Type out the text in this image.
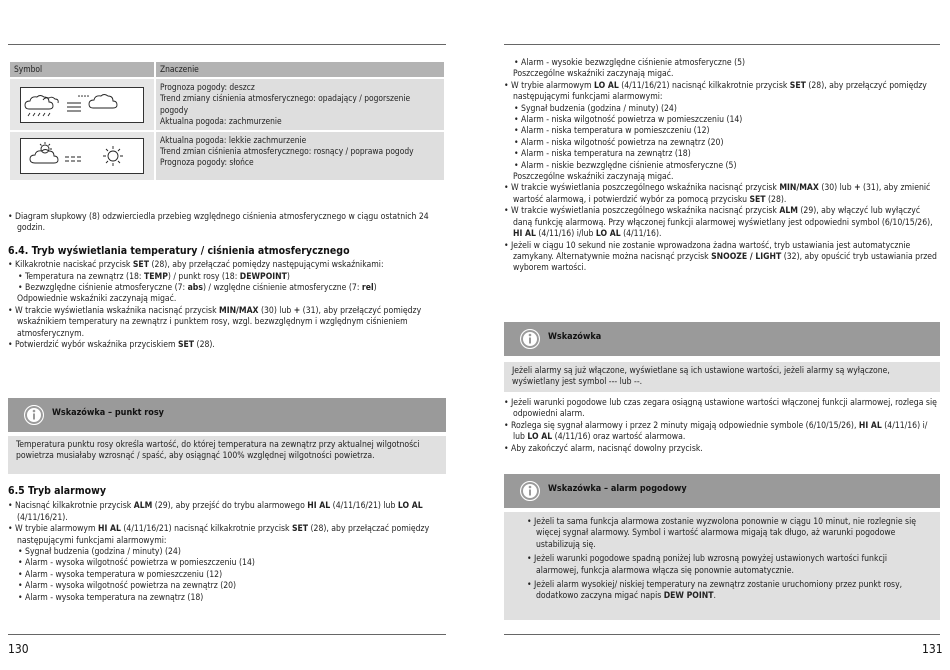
Symbol	Znaczenie

Prognoza pogody: deszcz
Trend zmiany ciśnienia atmosferycznego: opadający / pogorszenie pogody
Aktualna pogoda: zachmurzenie

Aktualna pogoda: lekkie zachmurzenie
Trend zmian ciśnienia atmosferycznego: rosnący / poprawa pogody
Prognoza pogody: słońce

• Diagram słupkowy (8) odzwierciedla przebieg względnego ciśnienia atmosferycznego w ciągu ostatnich 24 godzin.

6.4. Tryb wyświetlania temperatury / ciśnienia atmosferycznego

• Kilkakrotnie naciskać przycisk SET (28), aby przełączać pomiędzy następującymi wskaźnikami:

• Temperatura na zewnątrz (18: TEMP) / punkt rosy (18: DEWPOINT)

• Bezwzględne ciśnienie atmosferyczne (7: abs) / względne ciśnienie atmosferyczne (7: rel)

Odpowiednie wskaźniki zaczynają migać.

• W trakcie wyświetlania wskaźnika nacisnąć przycisk MIN/MAX (30) lub + (31), aby przełączyć pomiędzy wskaźnikiem temperatury na zewnątrz i punktem rosy, wzgl. bezwzględnym i względnym ciśnieniem atmosferycznym.

• Potwierdzić wybór wskaźnika przyciskiem SET (28).

Wskazówka – punkt rosy
Temperatura punktu rosy określa wartość, do której temperatura na zewnątrz przy aktualnej wilgotności powietrza musiałaby wzrosnąć / spaść, aby osiągnąć 100% względnej wilgotności powietrza.

6.5 Tryb alarmowy

• Nacisnąć kilkakrotnie przycisk ALM (29), aby przejść do trybu alarmowego HI AL (4/11/16/21) lub LO AL (4/11/16/21).

• W trybie alarmowym HI AL (4/11/16/21) nacisnąć kilkakrotnie przycisk SET (28), aby przełączać pomiędzy następującymi funkcjami alarmowymi:

• Sygnał budzenia (godzina / minuty) (24)

• Alarm - wysoka wilgotność powietrza w pomieszczeniu (14)

• Alarm - wysoka temperatura w pomieszczeniu (12)

• Alarm - wysoka wilgotność powietrza na zewnątrz (20)

• Alarm - wysoka temperatura na zewnątrz (18)

130

• Alarm - wysokie bezwzględne ciśnienie atmosferyczne (5)

Poszczególne wskaźniki zaczynają migać.

• W trybie alarmowym LO AL (4/11/16/21) nacisnąć kilkakrotnie przycisk SET (28), aby przełączyć pomiędzy następującymi funkcjami alarmowymi:

• Sygnał budzenia (godzina / minuty) (24)

• Alarm - niska wilgotność powietrza w pomieszczeniu (14)

• Alarm - niska temperatura w pomieszczeniu (12)

• Alarm - niska wilgotność powietrza na zewnątrz (20)

• Alarm - niska temperatura na zewnątrz (18)

• Alarm - niskie bezwzględne ciśnienie atmosferyczne (5)

Poszczególne wskaźniki zaczynają migać.

• W trakcie wyświetlania poszczególnego wskaźnika nacisnąć przycisk MIN/MAX (30) lub + (31), aby zmienić wartość alarmową, i potwierdzić wybór za pomocą przycisku SET (28).

• W trakcie wyświetlania poszczególnego wskaźnika nacisnąć przycisk ALM (29), aby włączyć lub wyłączyć daną funkcję alarmową. Przy włączonej funkcji alarmowej wyświetlany jest odpowiedni symbol (6/10/15/26), HI AL (4/11/16) i/lub LO AL (4/11/16).

• Jeżeli w ciągu 10 sekund nie zostanie wprowadzona żadna wartość, tryb ustawiania jest automatycznie zamykany. Alternatywnie można nacisnąć przycisk SNOOZE / LIGHT (32), aby opuścić tryb ustawiania przed wyborem wartości.

Wskazówka
Jeżeli alarmy są już włączone, wyświetlane są ich ustawione wartości, jeżeli alarmy są wyłączone, wyświetlany jest symbol --- lub --.

• Jeżeli warunki pogodowe lub czas zegara osiągną ustawione wartości włączonej funkcji alarmowej, rozlega się odpowiedni alarm.

• Rozlega się sygnał alarmowy i przez 2 minuty migają odpowiednie symbole (6/10/15/26), HI AL (4/11/16) i/ lub LO AL (4/11/16) oraz wartość alarmowa.

• Aby zakończyć alarm, nacisnąć dowolny przycisk.

Wskazówka – alarm pogodowy

• Jeżeli ta sama funkcja alarmowa zostanie wyzwolona ponownie w ciągu 10 minut, nie rozlegnie się więcej sygnał alarmowy. Symbol i wartość alarmowa migają tak długo, aż warunki pogodowe ustabilizują się.

• Jeżeli warunki pogodowe spadną poniżej lub wzrosną powyżej ustawionych wartości funkcji alarmowej, funkcja alarmowa włącza się ponownie automatycznie.

• Jeżeli alarm wysokiej/ niskiej temperatury na zewnątrz zostanie uruchomiony przez punkt rosy, dodatkowo zaczyna migać napis DEW POINT.

131
